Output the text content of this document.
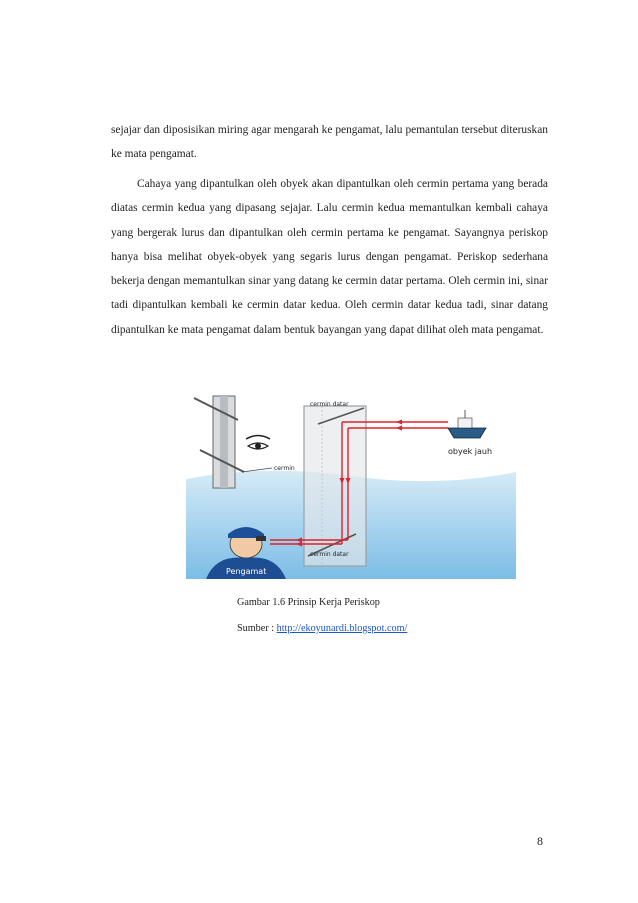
sejajar dan diposisikan miring agar mengarah ke pengamat, lalu pemantulan tersebut diteruskan ke mata pengamat.

Cahaya yang dipantulkan oleh obyek akan dipantulkan oleh cermin pertama yang berada diatas cermin kedua yang dipasang sejajar. Lalu cermin kedua memantulkan kembali cahaya yang bergerak lurus dan dipantulkan oleh cermin pertama ke pengamat. Sayangnya periskop hanya bisa melihat obyek-obyek yang segaris lurus dengan pengamat. Periskop sederhana bekerja dengan memantulkan sinar yang datang ke cermin datar pertama. Oleh cermin ini, sinar tadi dipantulkan kembali ke cermin datar kedua. Oleh cermin datar kedua tadi, sinar datang dipantulkan ke mata pengamat dalam bentuk bayangan yang dapat dilihat oleh mata pengamat.

cermin
cermin datar
cermin datar
obyek jauh
Pengamat
Gambar 1.6 Prinsip Kerja Periskop
Sumber : http://ekoyunardi.blogspot.com/
8
